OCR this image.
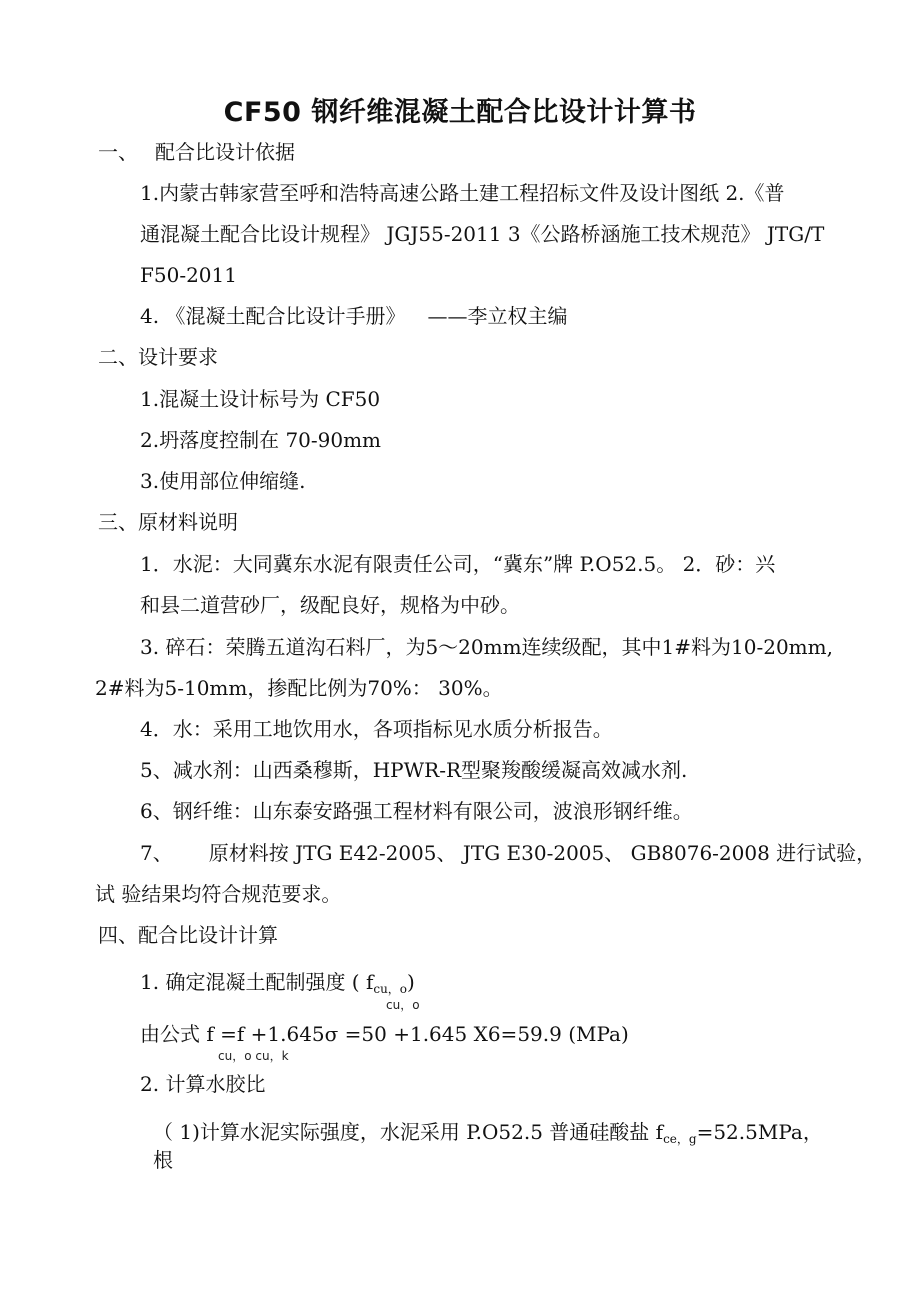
CF50 钢纤维混凝土配合比设计计算书
一、 配合比设计依据
1.内蒙古韩家营至呼和浩特高速公路土建工程招标文件及设计图纸 2.《普
通混凝土配合比设计规程》 JGJ55-2011 3《公路桥涵施工技术规范》 JTG/T
F50-2011
4. 《混凝土配合比设计手册》 ——李立权主编
二、设计要求
1.混凝土设计标号为 CF50
2.坍落度控制在 70-90mm
3.使用部位伸缩缝.
三、原材料说明
1．水泥：大同冀东水泥有限责任公司，“冀东”牌 P.O52.5。 2．砂：兴
和县二道营砂厂，级配良好，规格为中砂。
3. 碎石：荣腾五道沟石料厂，为5〜20mm连续级配，其中1#料为10-20mm,
2#料为5-10mm，掺配比例为70%： 30%。
4．水：采用工地饮用水，各项指标见水质分析报告。
5、减水剂：山西桑穆斯，HPWR-R型聚羧酸缓凝高效减水剂.
6、钢纤维：山东泰安路强工程材料有限公司，波浪形钢纤维。
7、 原材料按 JTG E42-2005、 JTG E30-2005、 GB8076-2008 进行试验，
试 验结果均符合规范要求。
四、配合比设计计算
1. 确定混凝土配制强度 ( $f_{cu,o}$)
cu，o
由公式 f =f +1.645σ =50 +1.645 X6=59.9 (MPa)
cu，o cu，k
2. 计算水胶比
（ 1)计算水泥实际强度，水泥采用 P.O52.5 普通硅酸盐 $f_{ce,g}=52.5MPa$，
根
